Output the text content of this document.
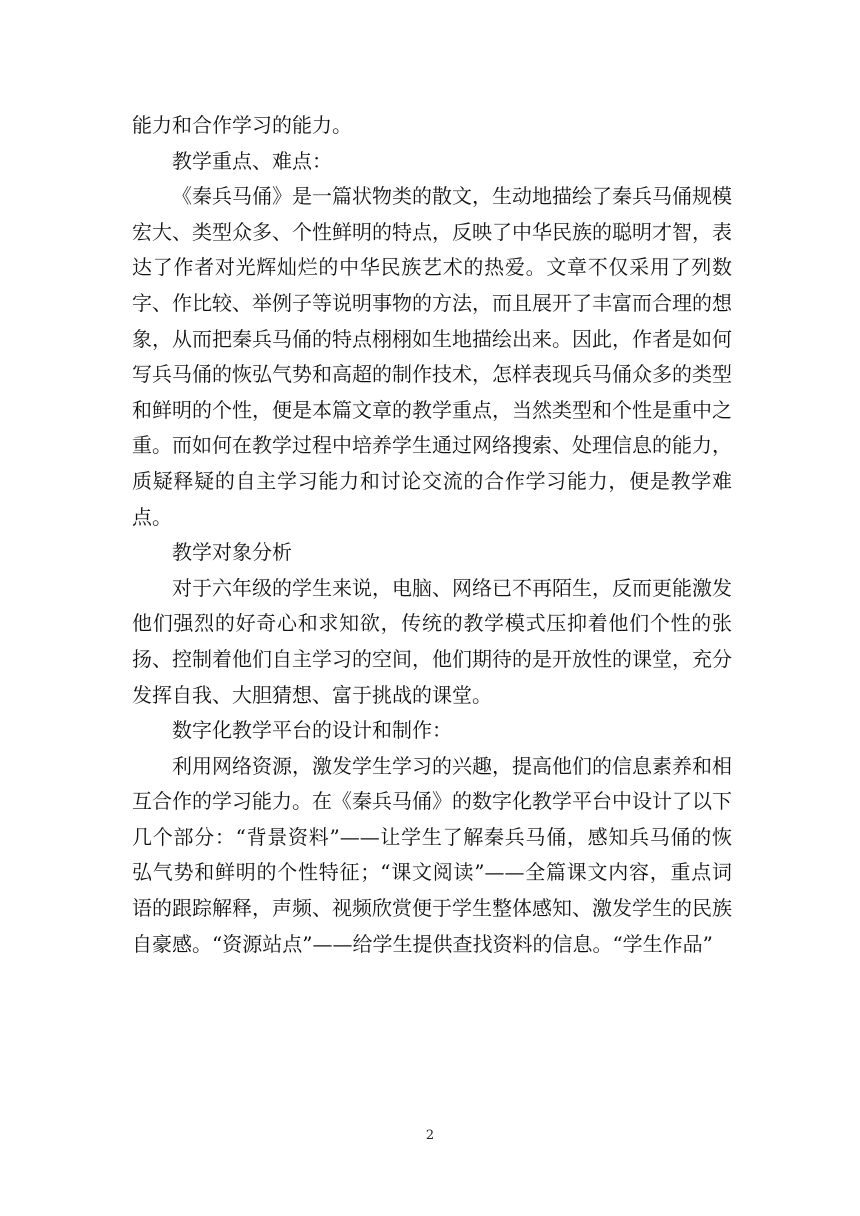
能力和合作学习的能力。

教学重点、难点：

《秦兵马俑》是一篇状物类的散文，生动地描绘了秦兵马俑规模宏大、类型众多、个性鲜明的特点，反映了中华民族的聪明才智，表达了作者对光辉灿烂的中华民族艺术的热爱。文章不仅采用了列数字、作比较、举例子等说明事物的方法，而且展开了丰富而合理的想象，从而把秦兵马俑的特点栩栩如生地描绘出来。因此，作者是如何写兵马俑的恢弘气势和高超的制作技术，怎样表现兵马俑众多的类型和鲜明的个性，便是本篇文章的教学重点，当然类型和个性是重中之重。而如何在教学过程中培养学生通过网络搜索、处理信息的能力，质疑释疑的自主学习能力和讨论交流的合作学习能力，便是教学难点。

教学对象分析

对于六年级的学生来说，电脑、网络已不再陌生，反而更能激发他们强烈的好奇心和求知欲，传统的教学模式压抑着他们个性的张扬、控制着他们自主学习的空间，他们期待的是开放性的课堂，充分发挥自我、大胆猜想、富于挑战的课堂。

数字化教学平台的设计和制作：

利用网络资源，激发学生学习的兴趣，提高他们的信息素养和相互合作的学习能力。在《秦兵马俑》的数字化教学平台中设计了以下几个部分：“背景资料”——让学生了解秦兵马俑，感知兵马俑的恢弘气势和鲜明的个性特征；“课文阅读”——全篇课文内容，重点词语的跟踪解释，声频、视频欣赏便于学生整体感知、激发学生的民族自豪感。“资源站点”——给学生提供查找资料的信息。“学生作品”

2
